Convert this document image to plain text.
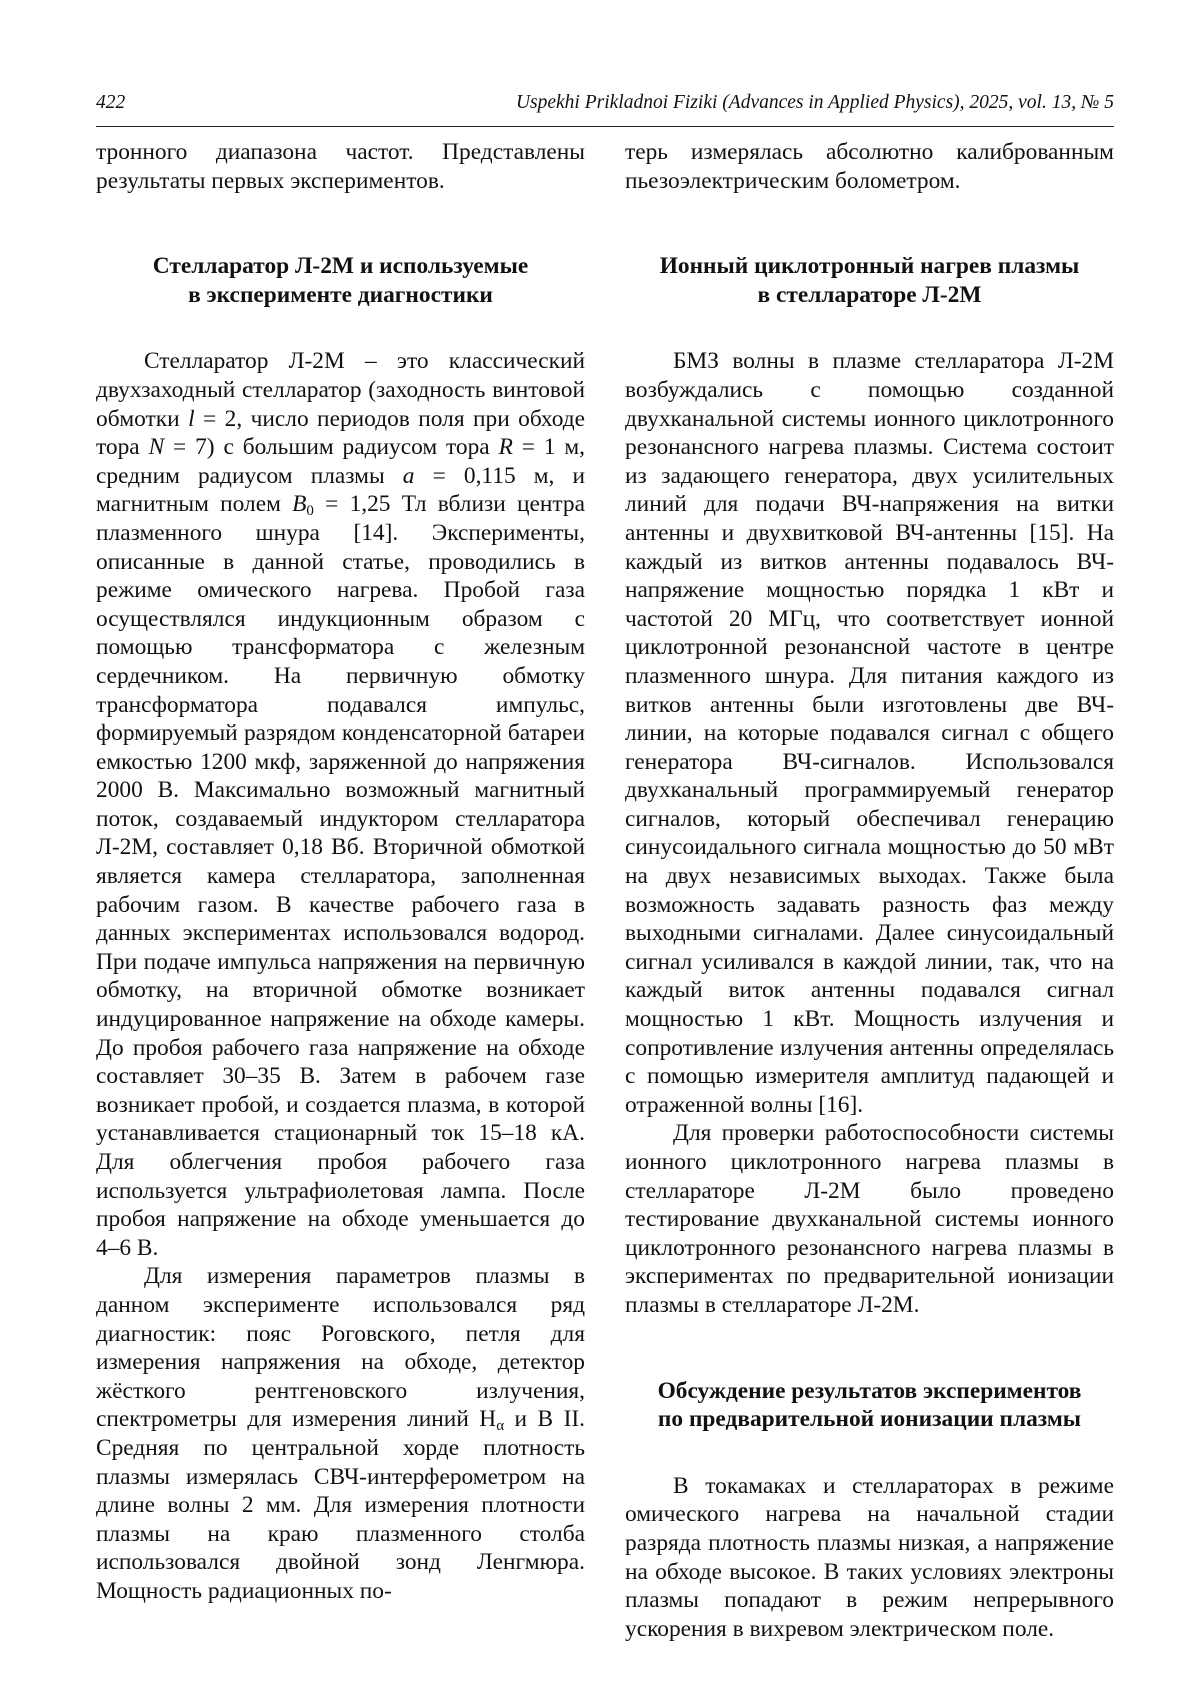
422	Uspekhi Prikladnoi Fiziki (Advances in Applied Physics), 2025, vol. 13, № 5

тронного диапазона частот. Представлены результаты первых экспериментов.

Стелларатор Л-2М и используемые
в эксперименте диагностики

Стелларатор Л-2М – это классический двухзаходный стелларатор (заходность винтовой обмотки l = 2, число периодов поля при обходе тора N = 7) с большим радиусом тора R = 1 м, средним радиусом плазмы a = 0,115 м, и магнитным полем $B_0 = 1,25$ Тл вблизи центра плазменного шнура [14]. Эксперименты, описанные в данной статье, проводились в режиме омического нагрева. Пробой газа осуществлялся индукционным образом с помощью трансформатора с железным сердечником. На первичную обмотку трансформатора подавался импульс, формируемый разрядом конденсаторной батареи емкостью 1200 мкф, заряженной до напряжения 2000 В. Максимально возможный магнитный поток, создаваемый индуктором стелларатора Л-2М, составляет 0,18 Вб. Вторичной обмоткой является камера стелларатора, заполненная рабочим газом. В качестве рабочего газа в данных экспериментах использовался водород. При подаче импульса напряжения на первичную обмотку, на вторичной обмотке возникает индуцированное напряжение на обходе камеры. До пробоя рабочего газа напряжение на обходе составляет 30–35 В. Затем в рабочем газе возникает пробой, и создается плазма, в которой устанавливается стационарный ток 15–18 кА. Для облегчения пробоя рабочего газа используется ультрафиолетовая лампа. После пробоя напряжение на обходе уменьшается до 4–6 В.

Для измерения параметров плазмы в данном эксперименте использовался ряд диагностик: пояс Роговского, петля для измерения напряжения на обходе, детектор жёсткого рентгеновского излучения, спектрометры для измерения линий $H_\alpha$ и B II. Средняя по центральной хорде плотность плазмы измерялась СВЧ-интерферометром на длине волны 2 мм. Для измерения плотности плазмы на краю плазменного столба использовался двойной зонд Ленгмюра. Мощность радиационных по-

терь измерялась абсолютно калиброванным пьезоэлектрическим болометром.

Ионный циклотронный нагрев плазмы
в стеллараторе Л-2М

БМЗ волны в плазме стелларатора Л-2М возбуждались с помощью созданной двухканальной системы ионного циклотронного резонансного нагрева плазмы. Система состоит из задающего генератора, двух усилительных линий для подачи ВЧ-напряжения на витки антенны и двухвитковой ВЧ-антенны [15]. На каждый из витков антенны подавалось ВЧ-напряжение мощностью порядка 1 кВт и частотой 20 МГц, что соответствует ионной циклотронной резонансной частоте в центре плазменного шнура. Для питания каждого из витков антенны были изготовлены две ВЧ-линии, на которые подавался сигнал с общего генератора ВЧ-сигналов. Использовался двухканальный программируемый генератор сигналов, который обеспечивал генерацию синусоидального сигнала мощностью до 50 мВт на двух независимых выходах. Также была возможность задавать разность фаз между выходными сигналами. Далее синусоидальный сигнал усиливался в каждой линии, так, что на каждый виток антенны подавался сигнал мощностью 1 кВт. Мощность излучения и сопротивление излучения антенны определялась с помощью измерителя амплитуд падающей и отраженной волны [16].

Для проверки работоспособности системы ионного циклотронного нагрева плазмы в стеллараторе Л-2М было проведено тестирование двухканальной системы ионного циклотронного резонансного нагрева плазмы в экспериментах по предварительной ионизации плазмы в стеллараторе Л-2М.

Обсуждение результатов экспериментов
по предварительной ионизации плазмы

В токамаках и стеллараторах в режиме омического нагрева на начальной стадии разряда плотность плазмы низкая, а напряжение на обходе высокое. В таких условиях электроны плазмы попадают в режим непрерывного ускорения в вихревом электрическом поле.
